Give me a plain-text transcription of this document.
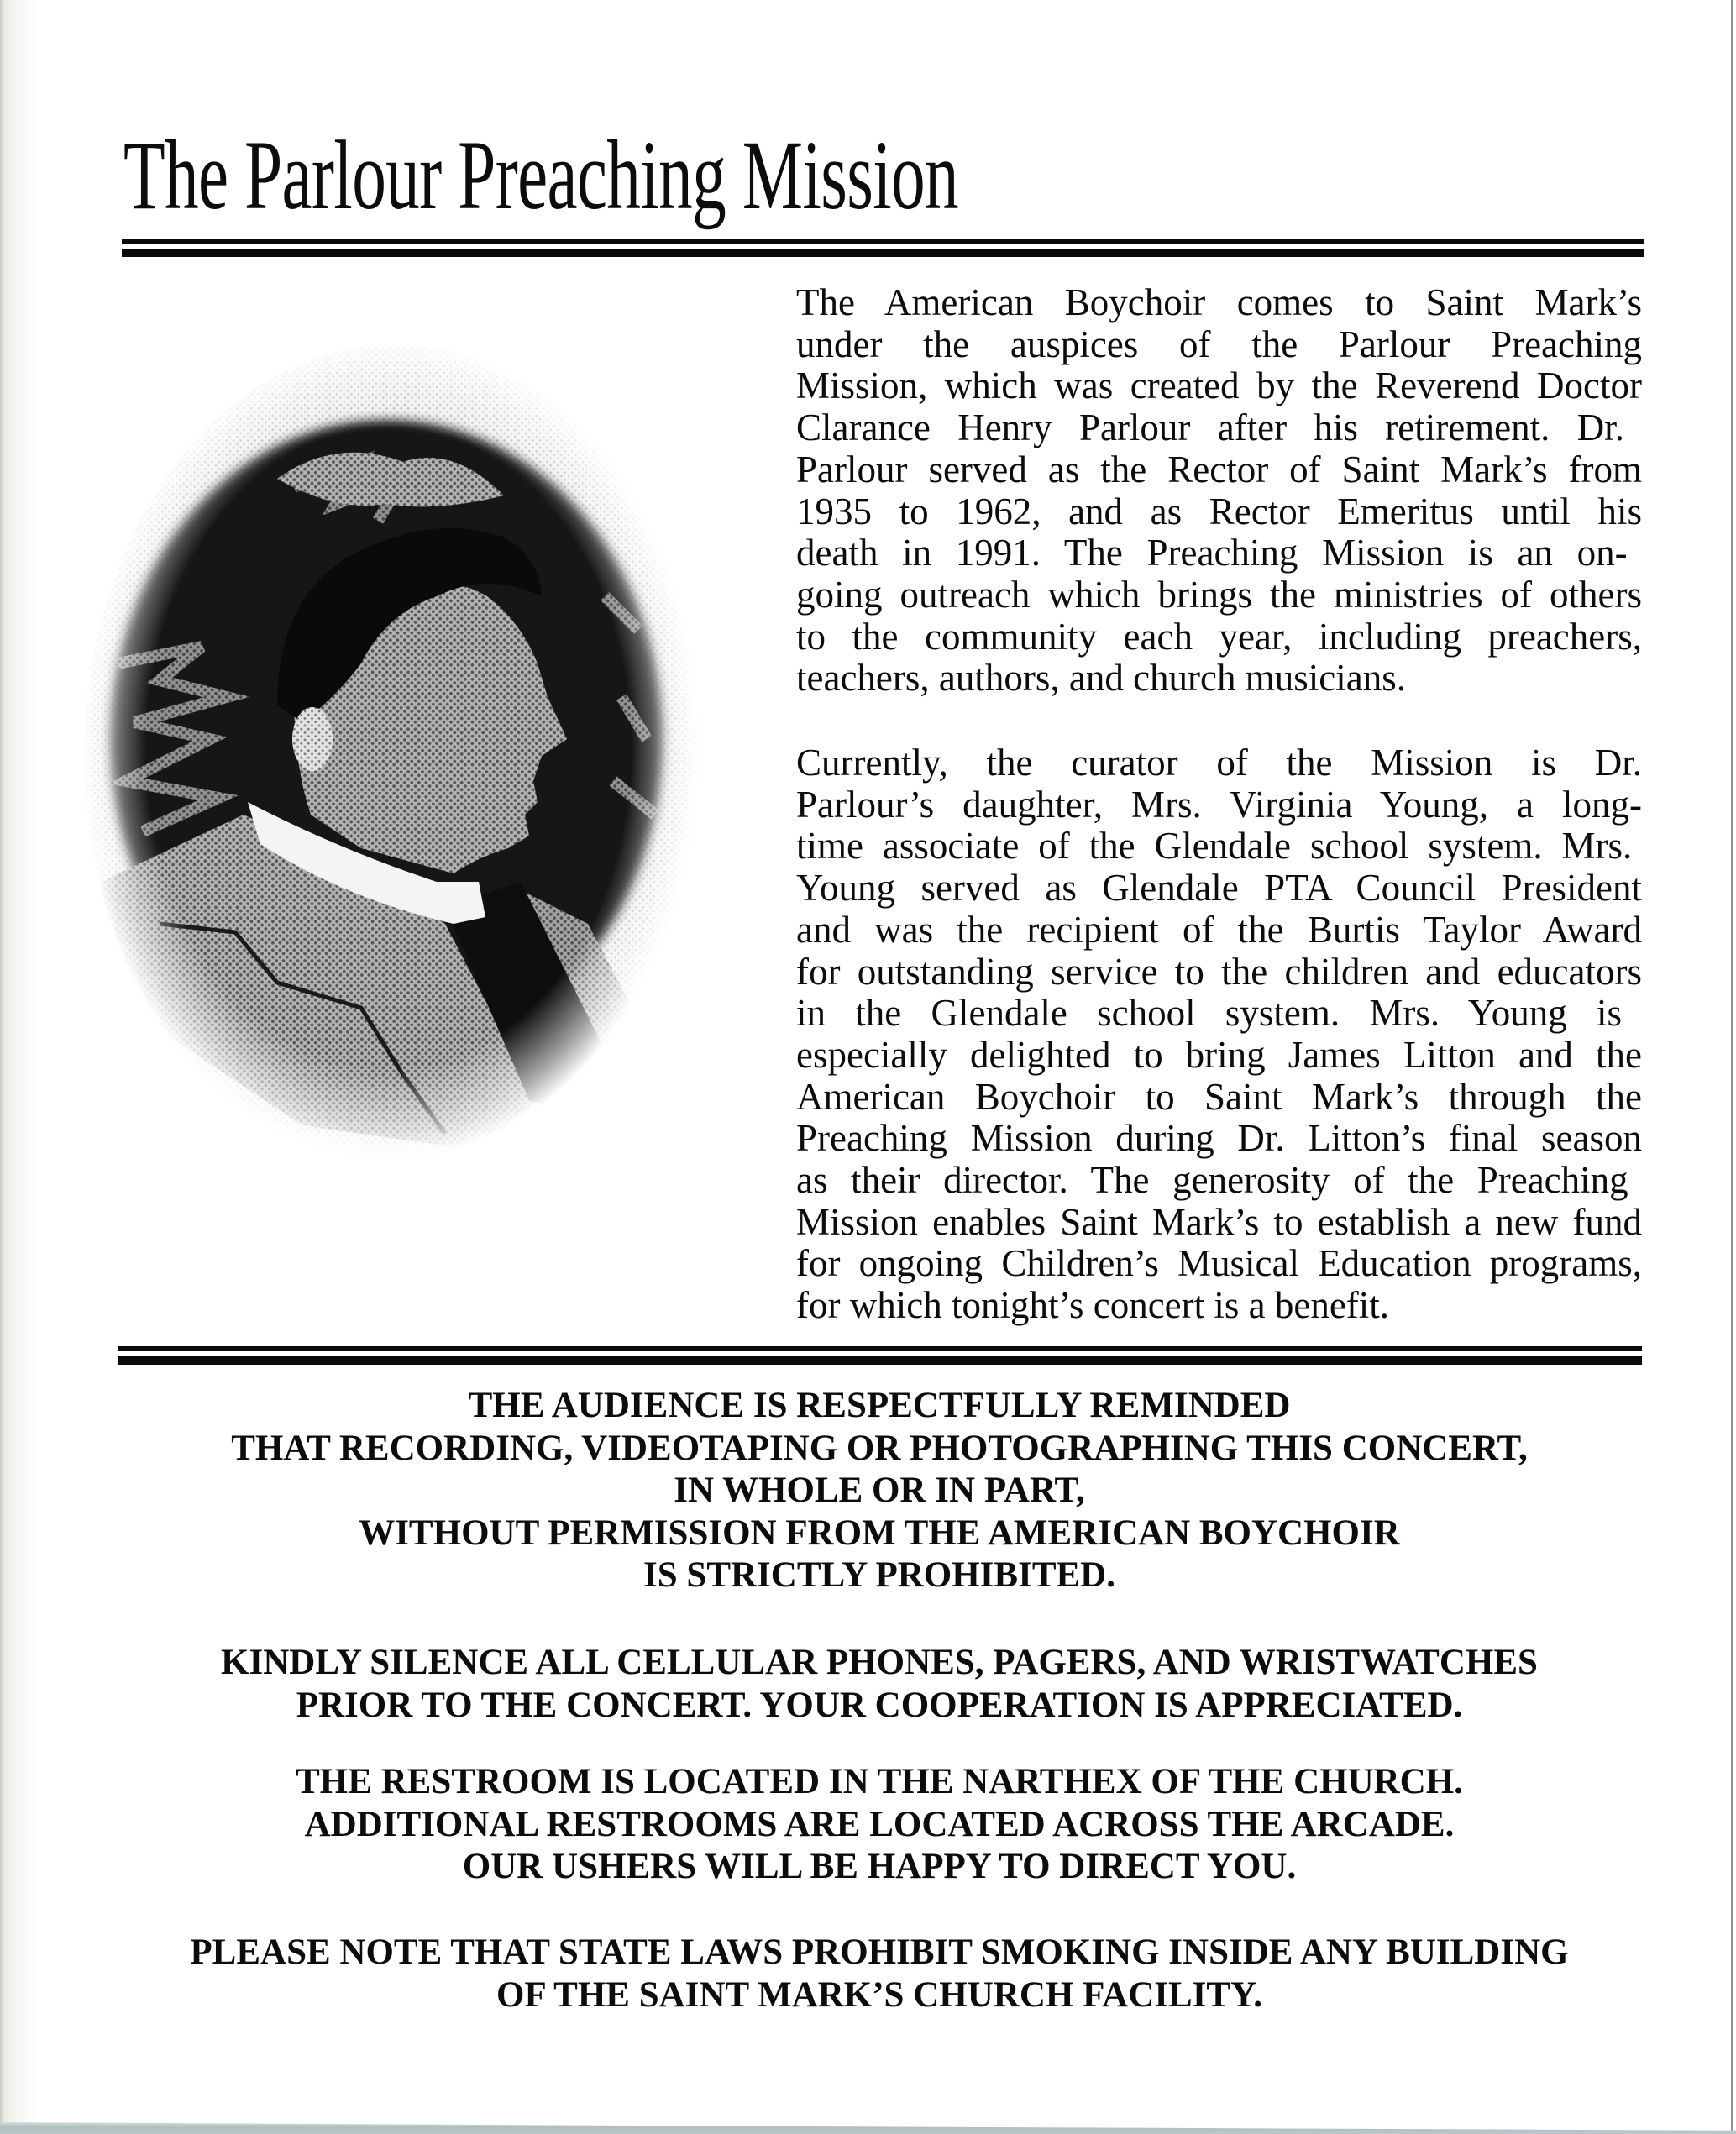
The Parlour Preaching Mission
The American Boychoir comes to Saint Mark’s
under the auspices of the Parlour Preaching
Mission, which was created by the Reverend Doctor
Clarance Henry Parlour after his retirement. Dr.
Parlour served as the Rector of Saint Mark’s from
1935 to 1962, and as Rector Emeritus until his
death in 1991. The Preaching Mission is an on-
going outreach which brings the ministries of others
to the community each year, including preachers,
teachers, authors, and church musicians.
Currently, the curator of the Mission is Dr.
Parlour’s daughter, Mrs. Virginia Young, a long-
time associate of the Glendale school system. Mrs.
Young served as Glendale PTA Council President
and was the recipient of the Burtis Taylor Award
for outstanding service to the children and educators
in the Glendale school system. Mrs. Young is
especially delighted to bring James Litton and the
American Boychoir to Saint Mark’s through the
Preaching Mission during Dr. Litton’s final season
as their director. The generosity of the Preaching
Mission enables Saint Mark’s to establish a new fund
for ongoing Children’s Musical Education programs,
for which tonight’s concert is a benefit.
THE AUDIENCE IS RESPECTFULLY REMINDED
THAT RECORDING, VIDEOTAPING OR PHOTOGRAPHING THIS CONCERT,
IN WHOLE OR IN PART,
WITHOUT PERMISSION FROM THE AMERICAN BOYCHOIR
IS STRICTLY PROHIBITED.
KINDLY SILENCE ALL CELLULAR PHONES, PAGERS, AND WRISTWATCHES
PRIOR TO THE CONCERT. YOUR COOPERATION IS APPRECIATED.
THE RESTROOM IS LOCATED IN THE NARTHEX OF THE CHURCH.
ADDITIONAL RESTROOMS ARE LOCATED ACROSS THE ARCADE.
OUR USHERS WILL BE HAPPY TO DIRECT YOU.
PLEASE NOTE THAT STATE LAWS PROHIBIT SMOKING INSIDE ANY BUILDING
OF THE SAINT MARK’S CHURCH FACILITY.
